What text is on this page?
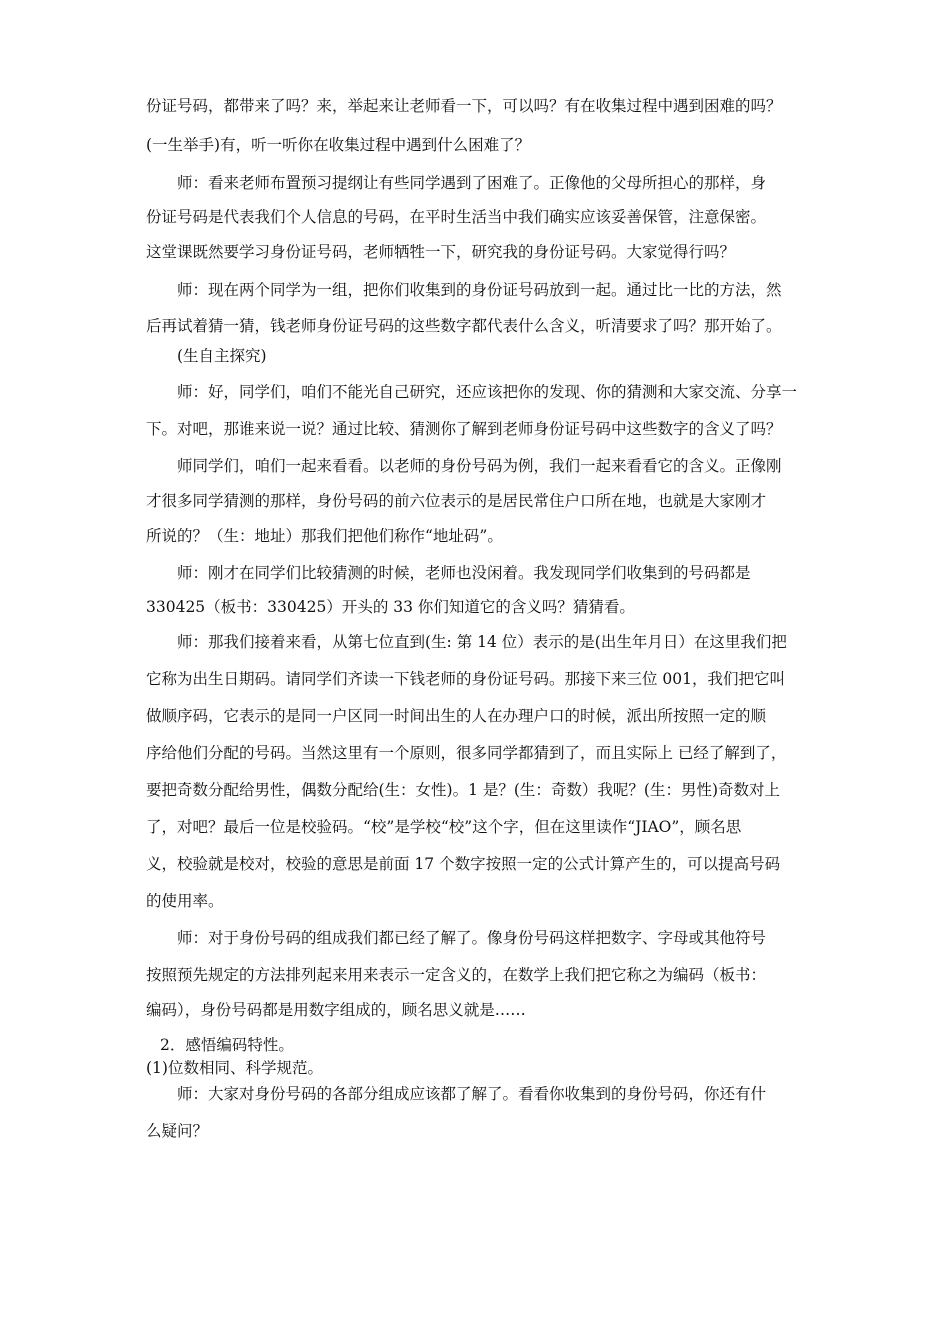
份证号码，都带来了吗？来，举起来让老师看一下，可以吗？有在收集过程中遇到困难的吗？
(一生举手)有，听一听你在收集过程中遇到什么困难了？
师：看来老师布置预习提纲让有些同学遇到了困难了。正像他的父母所担心的那样，身
份证号码是代表我们个人信息的号码，在平时生活当中我们确实应该妥善保管，注意保密。
这堂课既然要学习身份证号码，老师牺牲一下，研究我的身份证号码。大家觉得行吗？
师：现在两个同学为一组，把你们收集到的身份证号码放到一起。通过比一比的方法，然
后再试着猜一猜，钱老师身份证号码的这些数字都代表什么含义，听清要求了吗？那开始了。
(生自主探究)
师：好，同学们，咱们不能光自己研究，还应该把你的发现、你的猜测和大家交流、分享一
下。对吧，那谁来说一说？通过比较、猜测你了解到老师身份证号码中这些数字的含义了吗？
师同学们，咱们一起来看看。以老师的身份号码为例，我们一起来看看它的含义。正像刚
才很多同学猜测的那样，身份号码的前六位表示的是居民常住户口所在地，也就是大家刚才
所说的？（生：地址）那我们把他们称作“地址码”。
师：刚才在同学们比较猜测的时候，老师也没闲着。我发现同学们收集到的号码都是
330425（板书：330425）开头的 33 你们知道它的含义吗？猜猜看。
师：那我们接着来看，从第七位直到(生: 第 14 位）表示的是(出生年月日）在这里我们把
它称为出生日期码。请同学们齐读一下钱老师的身份证号码。那接下来三位 001，我们把它叫
做顺序码，它表示的是同一户区同一时间出生的人在办理户口的时候，派出所按照一定的顺
序给他们分配的号码。当然这里有一个原则，很多同学都猜到了，而且实际上 已经了解到了，
要把奇数分配给男性，偶数分配给(生：女性)。1 是？(生：奇数）我呢？(生：男性)奇数对上
了，对吧？最后一位是校验码。“校”是学校“校”这个字，但在这里读作“JIAO”，顾名思
义，校验就是校对，校验的意思是前面 17 个数字按照一定的公式计算产生的，可以提高号码
的使用率。
师：对于身份号码的组成我们都已经了解了。像身份号码这样把数字、字母或其他符号
按照预先规定的方法排列起来用来表示一定含义的，在数学上我们把它称之为编码（板书：
编码），身份号码都是用数字组成的，顾名思义就是……
2．感悟编码特性。
(1)位数相同、科学规范。
师：大家对身份号码的各部分组成应该都了解了。看看你收集到的身份号码，你还有什
么疑问？
